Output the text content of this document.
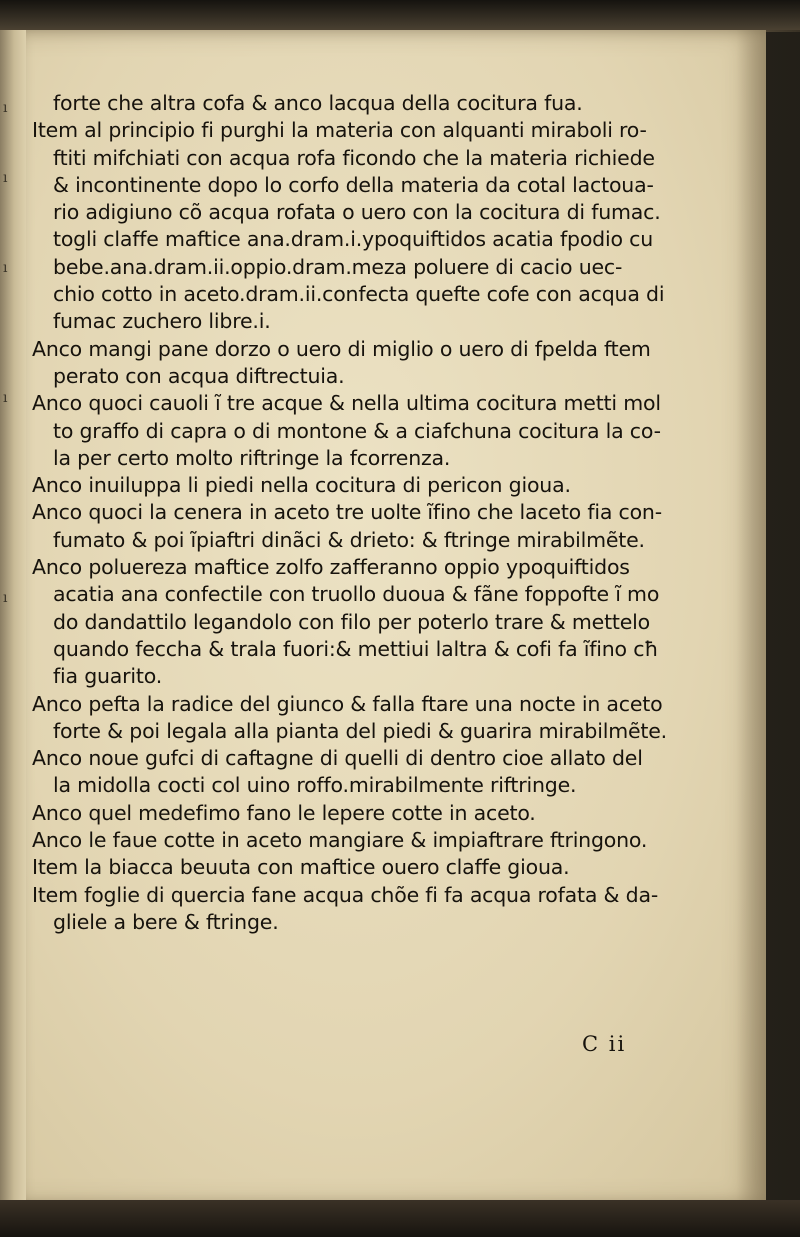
ı
ı
ı
ı
ı
forte che altra cofa & anco lacqua della cocitura fua.
Item al principio fi purghi la materia con alquanti miraboli ro-
ftiti mifchiati con acqua rofa ficondo che la materia richiede
& incontinente dopo lo corfo della materia da cotal lactoua-
rio adigiuno cõ acqua rofata o uero con la cocitura di fumac.
togli claffe maftice ana.dram.i.ypoquiftidos acatia fpodio cu
bebe.ana.dram.ii.oppio.dram.meza poluere di cacio uec-
chio cotto in aceto.dram.ii.confecta quefte cofe con acqua di
fumac zuchero libre.i.
Anco mangi pane dorzo o uero di miglio o uero di fpelda ftem
perato con acqua diftrectuia.
Anco quoci cauoli ĩ tre acque & nella ultima cocitura metti mol
to graffo di capra o di montone & a ciafchuna cocitura la co-
la per certo molto riftringe la fcorrenza.
Anco inuiluppa li piedi nella cocitura di pericon gioua.
Anco quoci la cenera in aceto tre uolte ĩfino che laceto fia con-
fumato & poi ĩpiaftri dinãci & drieto: & ftringe mirabilmẽte.
Anco poluereza maftice zolfo zafferanno oppio ypoquiftidos
acatia ana confectile con truollo duoua & fãne foppofte ĩ mo
do dandattilo legandolo con filo per poterlo trare & mettelo
quando feccha & trala fuori:& mettiui laltra & cofi fa ĩfino cħ
fia guarito.
Anco pefta la radice del giunco & falla ftare una nocte in aceto
forte & poi legala alla pianta del piedi & guarira mirabilmẽte.
Anco noue gufci di caftagne di quelli di dentro cioe allato del
la midolla cocti col uino roffo.mirabilmente riftringe.
Anco quel medefimo fano le lepere cotte in aceto.
Anco le faue cotte in aceto mangiare & impiaftrare ftringono.
Item la biacca beuuta con maftice ouero claffe gioua.
Item foglie di quercia fane acqua chõe fi fa acqua rofata & da-
gliele a bere & ftringe.
C ii
